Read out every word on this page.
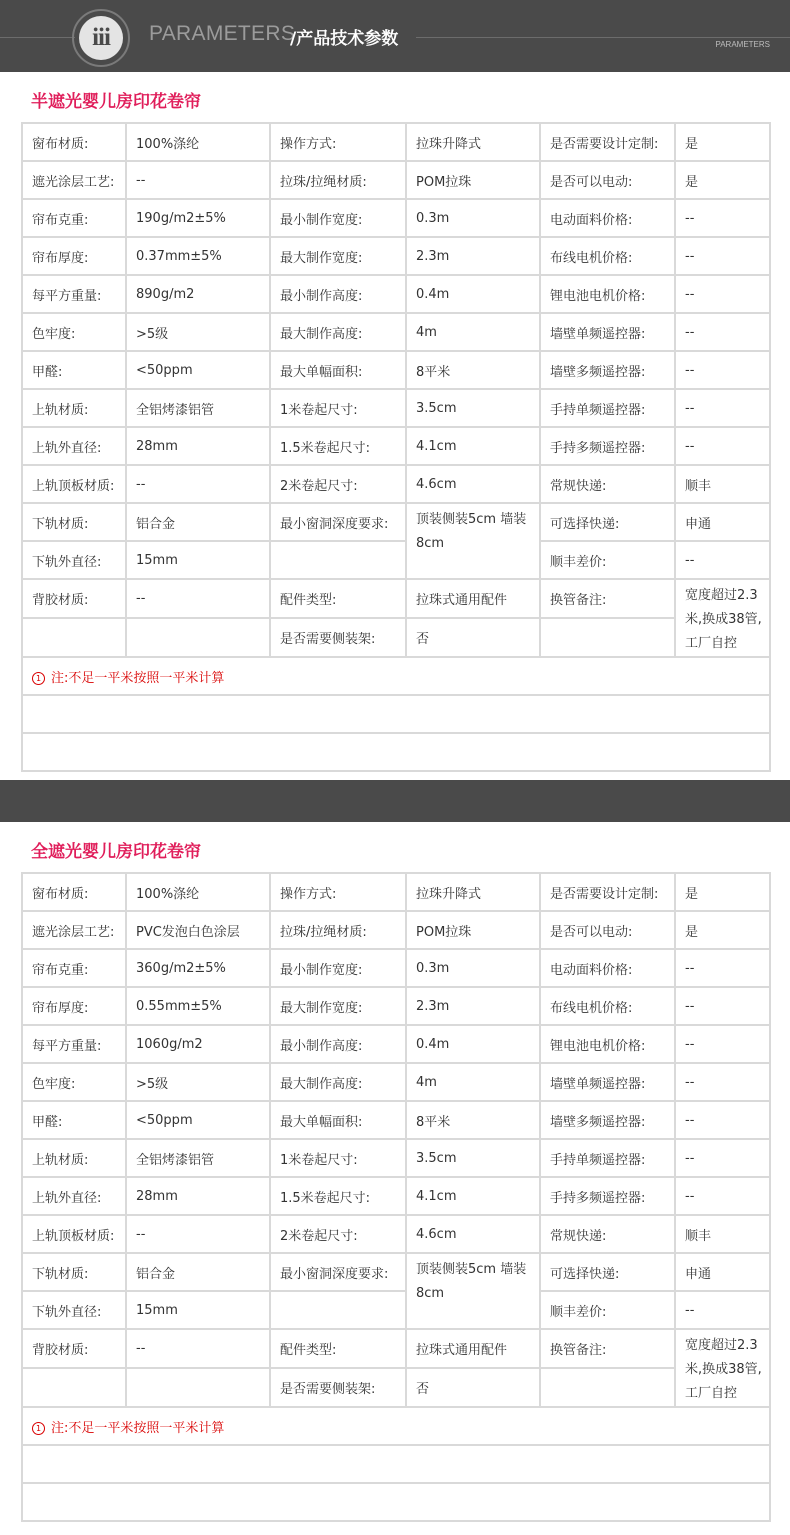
iii	PARAMETERS
/产品技术参数	PARAMETERS
半遮光婴儿房印花卷帘
窗布材质:	100%涤纶	操作方式:	拉珠升降式	是否需要设计定制:	是
遮光涂层工艺:	--	拉珠/拉绳材质:	POM拉珠	是否可以电动:	是
帘布克重:	190g/m2±5%	最小制作宽度:	0.3m	电动面料价格:	--
帘布厚度:	0.37mm±5%	最大制作宽度:	2.3m	布线电机价格:	--
每平方重量:	890g/m2	最小制作高度:	0.4m	锂电池电机价格:	--
色牢度:	>5级	最大制作高度:	4m	墙壁单频遥控器:	--
甲醛:	<50ppm	最大单幅面积:	8平米	墙壁多频遥控器:	--
上轨材质:	全铝烤漆铝管	1米卷起尺寸:	3.5cm	手持单频遥控器:	--
上轨外直径:	28mm	1.5米卷起尺寸:	4.1cm	手持多频遥控器:	--
上轨顶板材质:	--	2米卷起尺寸:	4.6cm	常规快递:	顺丰
下轨材质:	铝合金	最小窗洞深度要求:	顶装侧装5cm 墙装8cm	可选择快递:	申通
下轨外直径:	15mm			顺丰差价:	--
背胶材质:	--	配件类型:	拉珠式通用配件	换管备注:	宽度超过2.3米,换成38管,工厂自控
		是否需要侧装架:	否		
1 注:不足一平米按照一平米计算					

全遮光婴儿房印花卷帘
窗布材质:	100%涤纶	操作方式:	拉珠升降式	是否需要设计定制:	是
遮光涂层工艺:	PVC发泡白色涂层	拉珠/拉绳材质:	POM拉珠	是否可以电动:	是
帘布克重:	360g/m2±5%	最小制作宽度:	0.3m	电动面料价格:	--
帘布厚度:	0.55mm±5%	最大制作宽度:	2.3m	布线电机价格:	--
每平方重量:	1060g/m2	最小制作高度:	0.4m	锂电池电机价格:	--
色牢度:	>5级	最大制作高度:	4m	墙壁单频遥控器:	--
甲醛:	<50ppm	最大单幅面积:	8平米	墙壁多频遥控器:	--
上轨材质:	全铝烤漆铝管	1米卷起尺寸:	3.5cm	手持单频遥控器:	--
上轨外直径:	28mm	1.5米卷起尺寸:	4.1cm	手持多频遥控器:	--
上轨顶板材质:	--	2米卷起尺寸:	4.6cm	常规快递:	顺丰
下轨材质:	铝合金	最小窗洞深度要求:	顶装侧装5cm 墙装8cm	可选择快递:	申通
下轨外直径:	15mm			顺丰差价:	--
背胶材质:	--	配件类型:	拉珠式通用配件	换管备注:	宽度超过2.3米,换成38管,工厂自控
		是否需要侧装架:	否		
1 注:不足一平米按照一平米计算					
